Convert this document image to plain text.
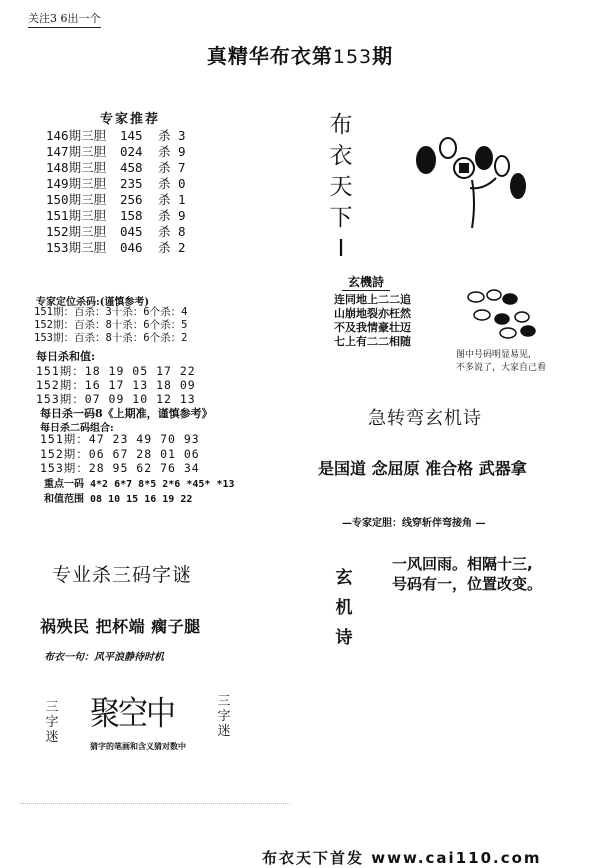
关注3 6出一个
真精华布衣第153期
专家推荐
146期三胆	145	杀 3
147期三胆	024	杀 9
148期三胆	458	杀 7
149期三胆	235	杀 0
150期三胆	256	杀 1
151期三胆	158	杀 9
152期三胆	045	杀 8
153期三胆	046	杀 2
专家定位杀码:(谨慎参考)
151期：百杀：3十杀：6个杀：4
152期：百杀：8十杀：6个杀：5
153期：百杀：8十杀：6个杀：2
每日杀和值:
151期：18 19 05 17 22
152期：16 17 13 18 09
153期：07 09 10 12 13
每日杀一码8《上期准，谨慎参考》
每日杀二码组合:
151期：47 23 49 70 93
152期：06 67 28 01 06
153期：28 95 62 76 34
重点一码 4*2 6*7 8*5 2*6 *45* *13
和值范围 08 10 15 16 19 22
专业杀三码字谜
祸殃民 把杯端 瘸子腿
布衣一句：风平浪静待时机
三
字
迷
聚空中	三
字
迷
猜字的笔画和含义猜对数中
布
衣
天
下
I
玄機詩
连同地上二二追
山崩地裂亦枉然
不及我情豪壮迈
七上有二二相随
图中号码明显易见,
不多说了，大家自己看
急转弯玄机诗
是国道 念屈原 准合格 武器拿
—专家定胆：线穿斩伴弯接角 —
玄
机
诗
一风回雨。相隔十三,
号码有一，位置改变。
布衣天下首发 www.cai110.com
